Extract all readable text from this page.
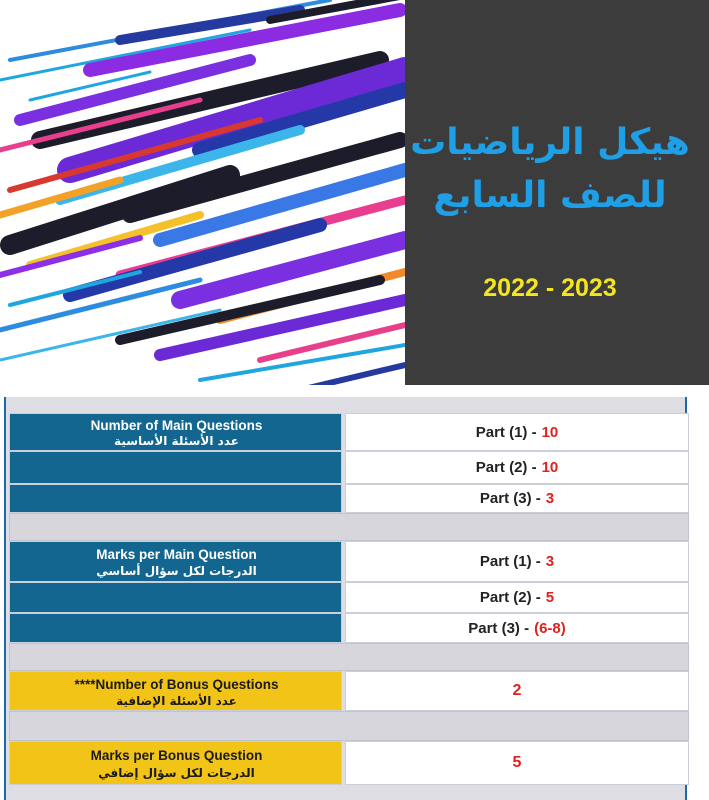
هيكل الرياضيات
للصف السابع
2022 - 2023
Number of Main Questions
عدد الأسئلة الأساسية
Part (1) - 10
Part (2) - 10
Part (3) - 3
Marks per Main Question
الدرجات لكل سؤال أساسي
Part (1) - 3
Part (2) - 5
Part (3) - (6-8)
****Number of Bonus Questions
عدد الأسئلة الإضافية
2
Marks per Bonus Question
الدرجات لكل سؤال إضافي
5
